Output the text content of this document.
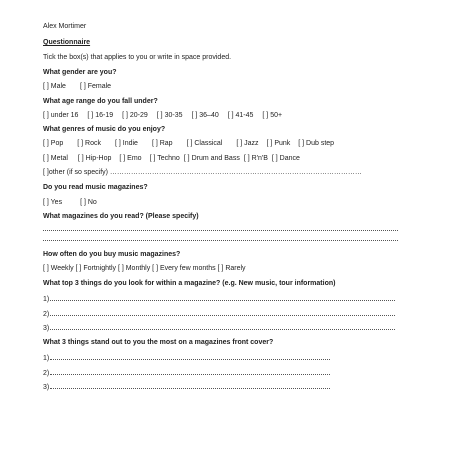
Alex Mortimer
Questionnaire
Tick the box(s) that applies to you or write in space provided.
What gender are you?
[ ] Male [ ] Female
What age range do you fall under?
[ ] under 16 [ ] 16-19 [ ] 20-29 [ ] 30-35 [ ] 36–40 [ ] 41-45 [ ] 50+
What genres of music do you enjoy?
[ ] Pop [ ] Rock [ ] Indie [ ] Rap [ ] Classical [ ] Jazz [ ] Punk [ ] Dub step
[ ] Metal [ ] Hip-Hop [ ] Emo [ ] Techno [ ] Drum and Bass [ ] R'n'B [ ] Dance
[ ]other (if so specify) ………………………………………………………………………………………………
Do you read music magazines?
[ ] Yes	[ ] No
What magazines do you read? (Please specify)
How often do you buy music magazines?
[ ] Weekly [ ] Fortnightly [ ] Monthly [ ] Every few months [ ] Rarely
What top 3 things do you look for within a magazine? (e.g. New music, tour information)
1)
2)
3)
What 3 things stand out to you the most on a magazines front cover?
1)
2)
3)
